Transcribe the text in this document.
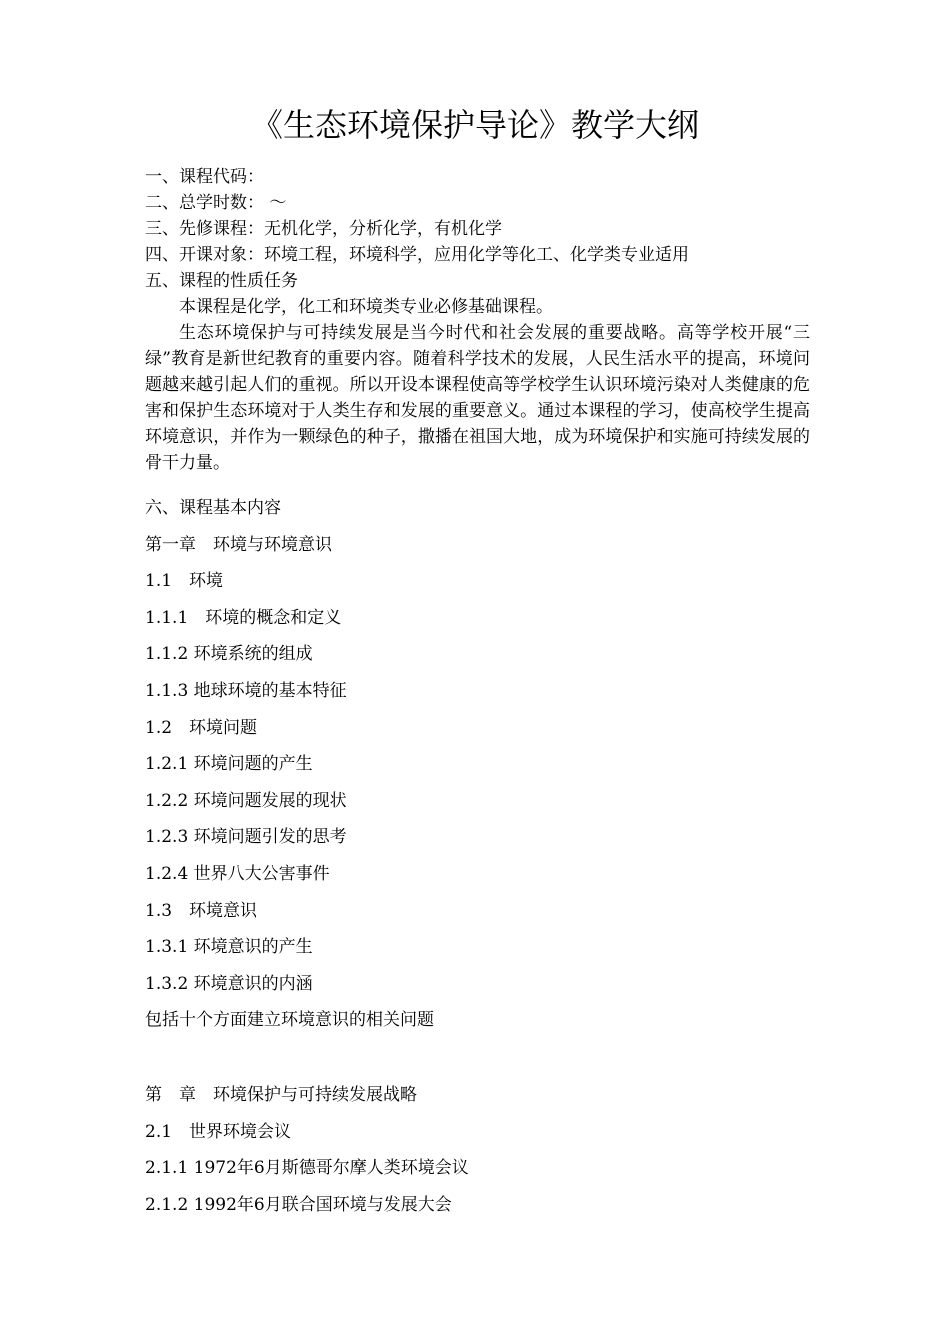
《生态环境保护导论》教学大纲
一、课程代码：
二、总学时数： ～
三、先修课程：无机化学，分析化学，有机化学
四、开课对象：环境工程，环境科学，应用化学等化工、化学类专业适用
五、课程的性质任务
本课程是化学，化工和环境类专业必修基础课程。
生态环境保护与可持续发展是当今时代和社会发展的重要战略。高等学校开展“三绿”教育是新世纪教育的重要内容。随着科学技术的发展，人民生活水平的提高，环境问题越来越引起人们的重视。所以开设本课程使高等学校学生认识环境污染对人类健康的危害和保护生态环境对于人类生存和发展的重要意义。通过本课程的学习，使高校学生提高环境意识，并作为一颗绿色的种子，撒播在祖国大地，成为环境保护和实施可持续发展的骨干力量。
六、课程基本内容
第一章　环境与环境意识
1.1　环境
1.1.1　环境的概念和定义
1.1.2 环境系统的组成
1.1.3 地球环境的基本特征
1.2　环境问题
1.2.1 环境问题的产生
1.2.2 环境问题发展的现状
1.2.3 环境问题引发的思考
1.2.4 世界八大公害事件
1.3　环境意识
1.3.1 环境意识的产生
1.3.2 环境意识的内涵
包括十个方面建立环境意识的相关问题
第　章　环境保护与可持续发展战略
2.1　世界环境会议
2.1.1 1972年6月斯德哥尔摩人类环境会议
2.1.2 1992年6月联合国环境与发展大会
